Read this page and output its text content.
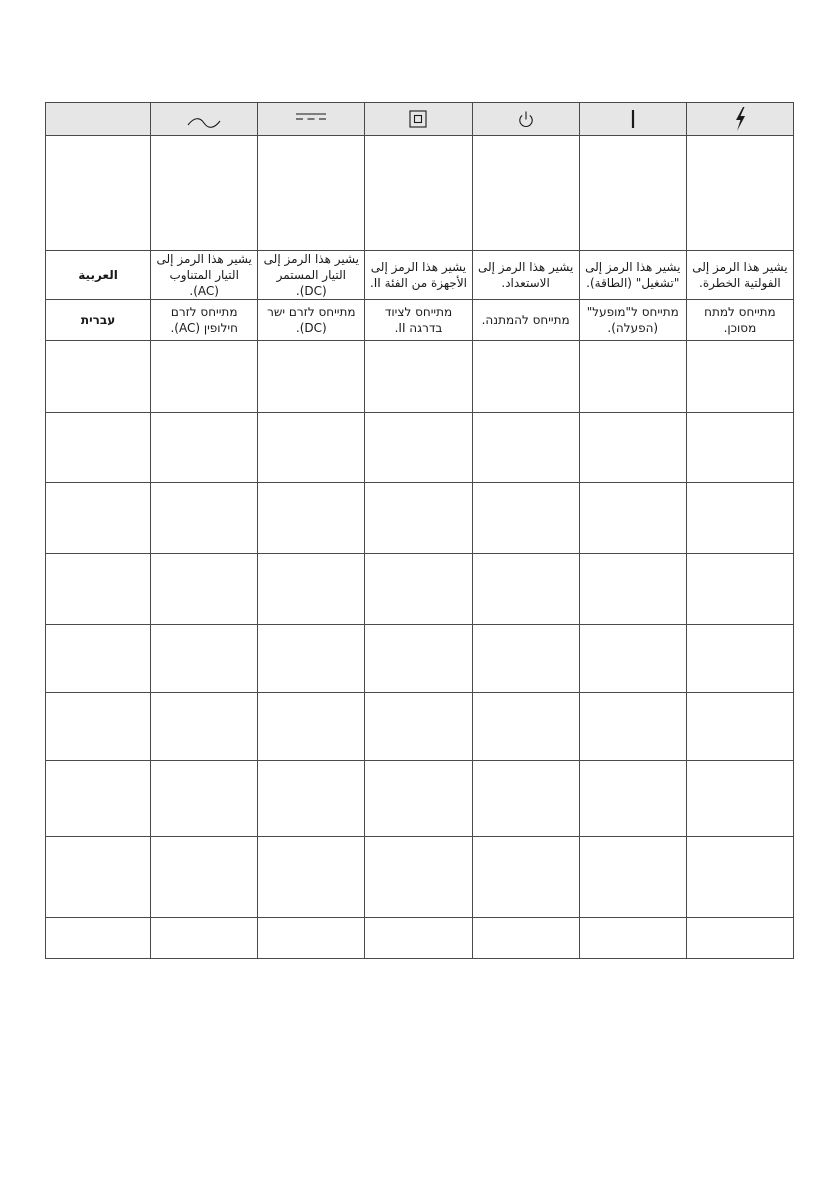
العربية	يشير هذا الرمز إلى التيار المتناوب (AC).	يشير هذا الرمز إلى التيار المستمر (DC).	يشير هذا الرمز إلى الأجهزة من الفئة II.	يشير هذا الرمز إلى الاستعداد.	يشير هذا الرمز إلى "تشغيل" (الطاقة).	يشير هذا الرمز إلى الفولتية الخطرة.

עברית	מתייחס לזרם חילופין (AC).	מתייחס לזרם ישר (DC).	מתייחס לציוד בדרגה II.	מתייחס להמתנה.	מתייחס ל"מופעל" (הפעלה).	מתייחס למתח מסוכן.
